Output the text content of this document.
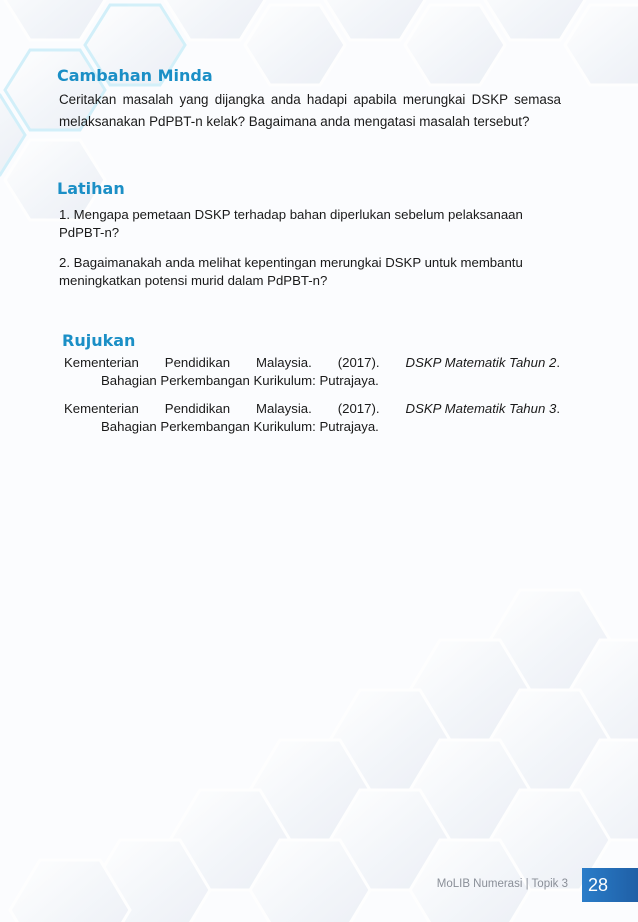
Cambahan Minda

Ceritakan masalah yang dijangka anda hadapi apabila merungkai DSKP semasa melaksanakan PdPBT-n kelak? Bagaimana anda mengatasi masalah tersebut?

Latihan

1. Mengapa pemetaan DSKP terhadap bahan diperlukan sebelum pelaksanaan PdPBT-n?

2. Bagaimanakah anda melihat kepentingan merungkai DSKP untuk membantu meningkatkan potensi murid dalam PdPBT-n?

Rujukan
Kementerian Pendidikan Malaysia. (2017). DSKP Matematik Tahun 2.
Bahagian Perkembangan Kurikulum: Putrajaya.
Kementerian Pendidikan Malaysia. (2017). DSKP Matematik Tahun 3.
Bahagian Perkembangan Kurikulum: Putrajaya.
MoLIB Numerasi | Topik 3	28
